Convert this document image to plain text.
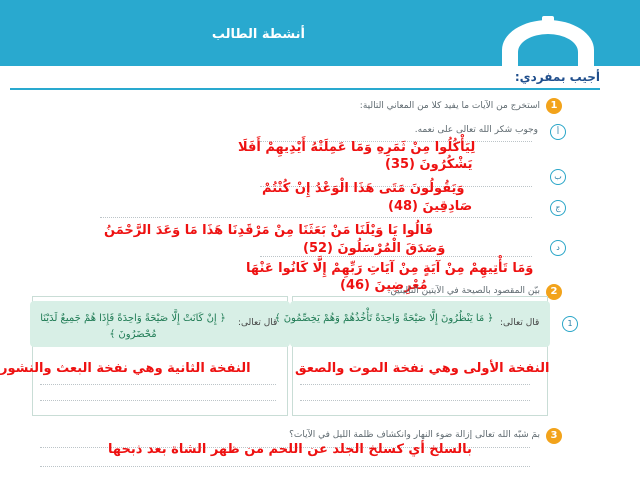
أنشطة الطالب
أجيب بمفردي:
1
استخرج من الآيات ما يفيد كلا من المعاني التالية:
أ
وجوب شكر الله تعالى على نعمه.
ب
ج
د
لِيَأْكُلُوا مِنْ ثَمَرِهِ وَمَا عَمِلَتْهُ أَيْدِيهِمْ أَفَلَا
يَشْكُرُونَ (35)
وَيَقُولُونَ مَتَى هَذَا الْوَعْدُ إِنْ كُنْتُمْ
صَادِقِينَ (48)
قَالُوا يَا وَيْلَنَا مَنْ بَعَثَنَا مِنْ مَرْقَدِنَا هَذَا مَا وَعَدَ الرَّحْمَنُ
وَصَدَقَ الْمُرْسَلُونَ (52)
وَمَا تَأْتِيهِمْ مِنْ آيَةٍ مِنْ آيَاتِ رَبِّهِمْ إِلَّا كَانُوا عَنْهَا
مُعْرِضِينَ (46)	2
بيّن المقصود بالصيحة في الآيتين التاليتين:
1
قال تعالى:
﴿ مَا يَنْظُرُونَ إِلَّا صَيْحَةً وَاحِدَةً تَأْخُذُهُمْ وَهُمْ يَخِصِّمُونَ ﴾
قال تعالى:
﴿ إِنْ كَانَتْ إِلَّا صَيْحَةً وَاحِدَةً فَإِذَا هُمْ جَمِيعٌ لَدَيْنَا مُحْضَرُونَ ﴾
النفخة الأولى وهي نفخة الموت والصعق
النفخة الثانية وهي نفخة البعث والنشور
3
بمَ شبّه الله تعالى إزالة ضوء النهار وانكشاف ظلمة الليل في الآيات؟
بالسلخ أي كسلخ الجلد عن اللحم من ظهر الشاة بعد ذبحها
